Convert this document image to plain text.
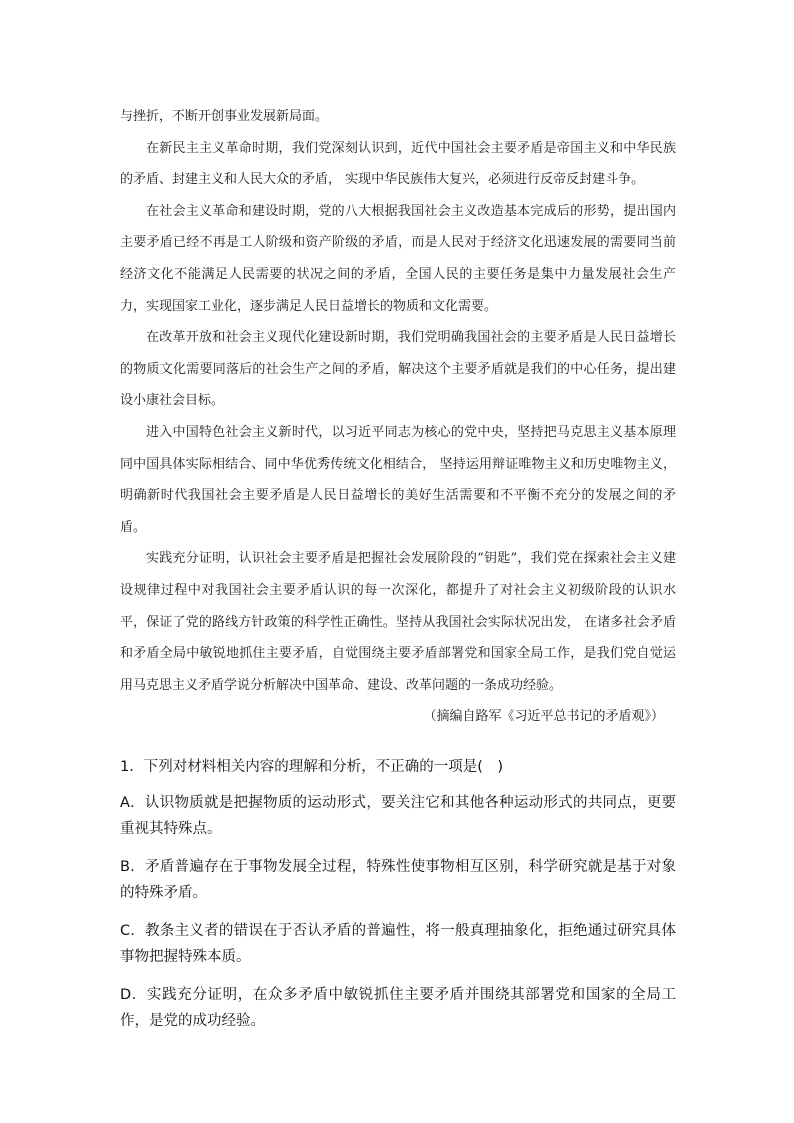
与挫折，不断开创事业发展新局面。

在新民主主义革命时期，我们党深刻认识到，近代中国社会主要矛盾是帝国主义和中华民族的矛盾、封建主义和人民大众的矛盾， 实现中华民族伟大复兴，必须进行反帝反封建斗争。

在社会主义革命和建设时期，党的八大根据我国社会主义改造基本完成后的形势，提出国内主要矛盾已经不再是工人阶级和资产阶级的矛盾，而是人民对于经济文化迅速发展的需要同当前经济文化不能满足人民需要的状况之间的矛盾，全国人民的主要任务是集中力量发展社会生产力，实现国家工业化，逐步满足人民日益增长的物质和文化需要。

在改革开放和社会主义现代化建设新时期，我们党明确我国社会的主要矛盾是人民日益增长的物质文化需要同落后的社会生产之间的矛盾，解决这个主要矛盾就是我们的中心任务，提出建设小康社会目标。

进入中国特色社会主义新时代，以习近平同志为核心的党中央，坚持把马克思主义基本原理同中国具体实际相结合、同中华优秀传统文化相结合， 坚持运用辩证唯物主义和历史唯物主义，明确新时代我国社会主要矛盾是人民日益增长的美好生活需要和不平衡不充分的发展之间的矛盾。

实践充分证明，认识社会主要矛盾是把握社会发展阶段的“钥匙”，我们党在探索社会主义建设规律过程中对我国社会主要矛盾认识的每一次深化，都提升了对社会主义初级阶段的认识水平，保证了党的路线方针政策的科学性正确性。坚持从我国社会实际状况出发， 在诸多社会矛盾和矛盾全局中敏锐地抓住主要矛盾，自觉围绕主要矛盾部署党和国家全局工作，是我们党自觉运用马克思主义矛盾学说分析解决中国革命、建设、改革问题的一条成功经验。

（摘编自路军《习近平总书记的矛盾观》）

1．下列对材料相关内容的理解和分析，不正确的一项是(　)

A．认识物质就是把握物质的运动形式，要关注它和其他各种运动形式的共同点，更要重视其特殊点。

B．矛盾普遍存在于事物发展全过程，特殊性使事物相互区别，科学研究就是基于对象的特殊矛盾。

C．教条主义者的错误在于否认矛盾的普遍性，将一般真理抽象化，拒绝通过研究具体事物把握特殊本质。

D．实践充分证明，在众多矛盾中敏锐抓住主要矛盾并围绕其部署党和国家的全局工作，是党的成功经验。
